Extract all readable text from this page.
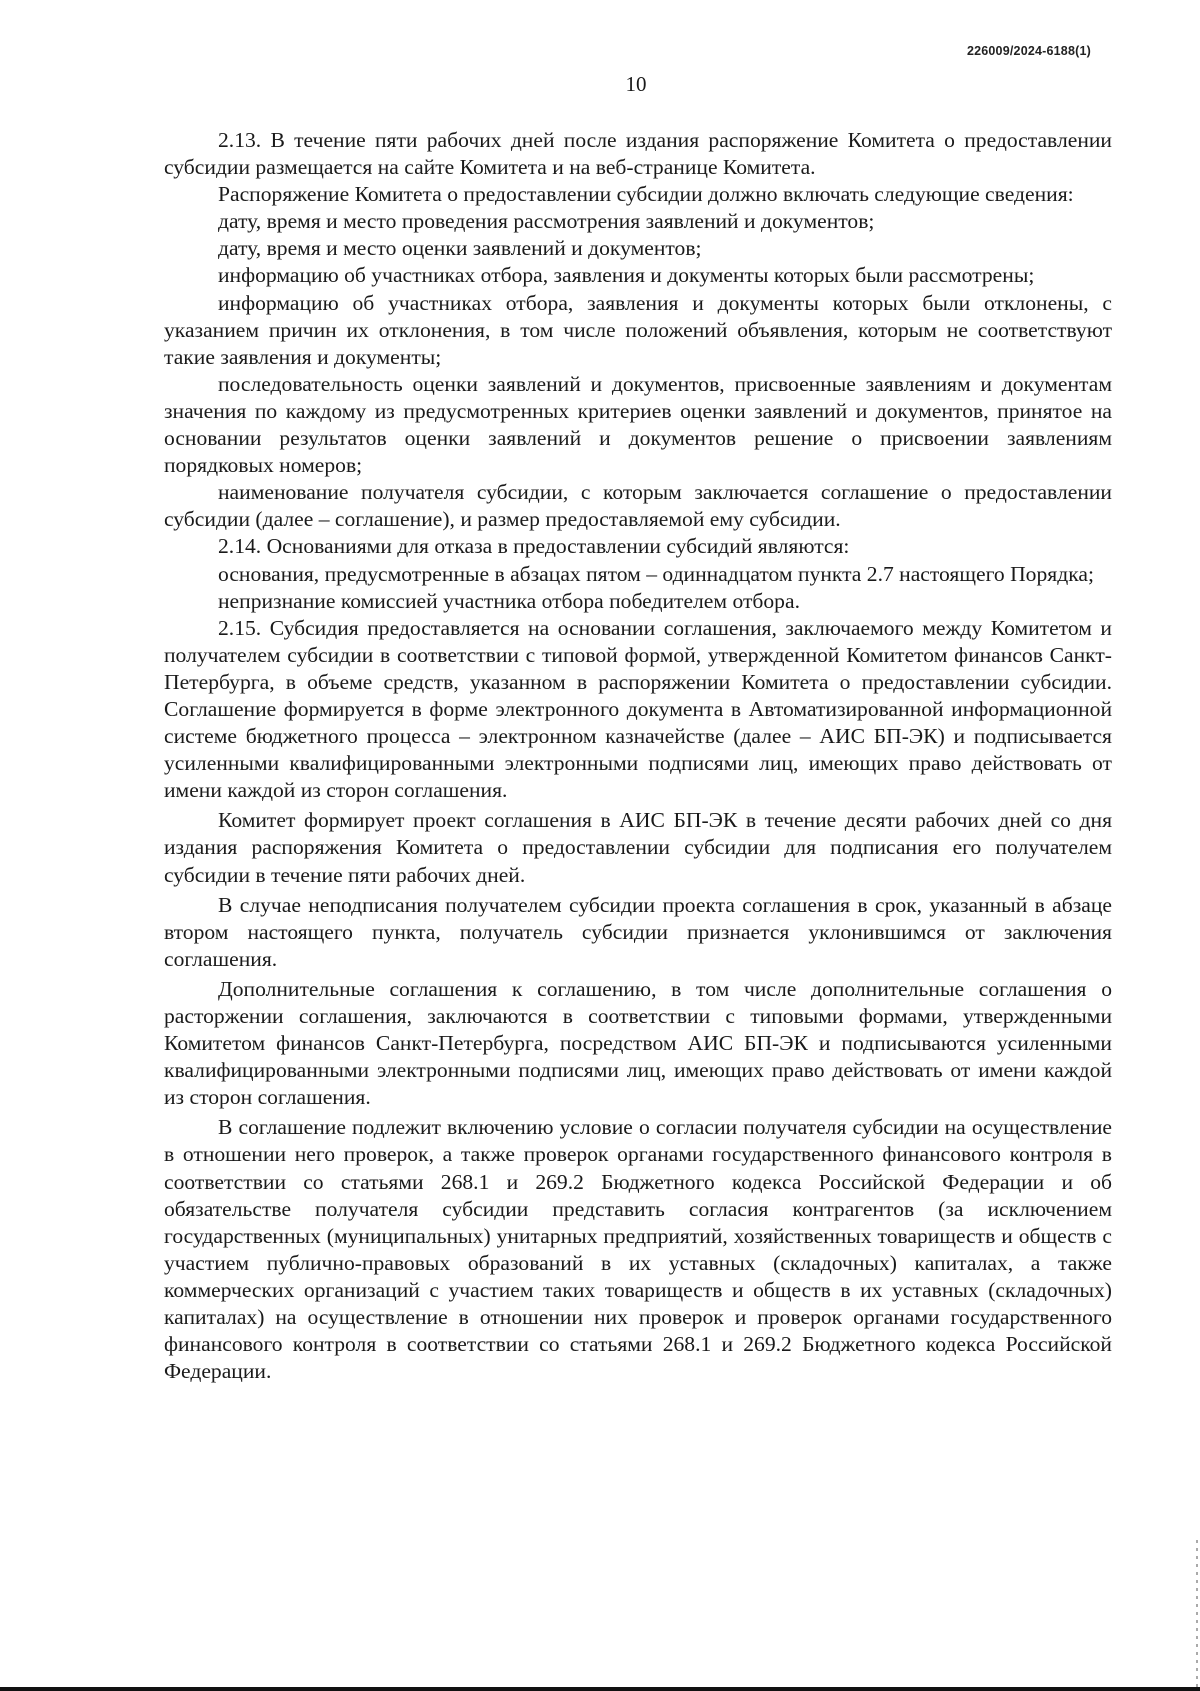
226009/2024-6188(1)
10

2.13. В течение пяти рабочих дней после издания распоряжение Комитета о предоставлении субсидии размещается на сайте Комитета и на веб-странице Комитета.

Распоряжение Комитета о предоставлении субсидии должно включать следующие сведения:

дату, время и место проведения рассмотрения заявлений и документов;

дату, время и место оценки заявлений и документов;

информацию об участниках отбора, заявления и документы которых были рассмотрены;

информацию об участниках отбора, заявления и документы которых были отклонены, с указанием причин их отклонения, в том числе положений объявления, которым не соответствуют такие заявления и документы;

последовательность оценки заявлений и документов, присвоенные заявлениям и документам значения по каждому из предусмотренных критериев оценки заявлений и документов, принятое на основании результатов оценки заявлений и документов решение о присвоении заявлениям порядковых номеров;

наименование получателя субсидии, с которым заключается соглашение о предоставлении субсидии (далее – соглашение), и размер предоставляемой ему субсидии.

2.14. Основаниями для отказа в предоставлении субсидий являются:

основания, предусмотренные в абзацах пятом – одиннадцатом пункта 2.7 настоящего Порядка;

непризнание комиссией участника отбора победителем отбора.

2.15. Субсидия предоставляется на основании соглашения, заключаемого между Комитетом и получателем субсидии в соответствии с типовой формой, утвержденной Комитетом финансов Санкт-Петербурга, в объеме средств, указанном в распоряжении Комитета о предоставлении субсидии. Соглашение формируется в форме электронного документа в Автоматизированной информационной системе бюджетного процесса – электронном казначействе (далее – АИС БП-ЭК) и подписывается усиленными квалифицированными электронными подписями лиц, имеющих право действовать от имени каждой из сторон соглашения.

Комитет формирует проект соглашения в АИС БП-ЭК в течение десяти рабочих дней со дня издания распоряжения Комитета о предоставлении субсидии для подписания его получателем субсидии в течение пяти рабочих дней.

В случае неподписания получателем субсидии проекта соглашения в срок, указанный в абзаце втором настоящего пункта, получатель субсидии признается уклонившимся от заключения соглашения.

Дополнительные соглашения к соглашению, в том числе дополнительные соглашения о расторжении соглашения, заключаются в соответствии с типовыми формами, утвержденными Комитетом финансов Санкт-Петербурга, посредством АИС БП-ЭК и подписываются усиленными квалифицированными электронными подписями лиц, имеющих право действовать от имени каждой из сторон соглашения.

В соглашение подлежит включению условие о согласии получателя субсидии на осуществление в отношении него проверок, а также проверок органами государственного финансового контроля в соответствии со статьями 268.1 и 269.2 Бюджетного кодекса Российской Федерации и об обязательстве получателя субсидии представить согласия контрагентов (за исключением государственных (муниципальных) унитарных предприятий, хозяйственных товариществ и обществ с участием публично-правовых образований в их уставных (складочных) капиталах, а также коммерческих организаций с участием таких товариществ и обществ в их уставных (складочных) капиталах) на осуществление в отношении них проверок и проверок органами государственного финансового контроля в соответствии со статьями 268.1 и 269.2 Бюджетного кодекса Российской Федерации.
